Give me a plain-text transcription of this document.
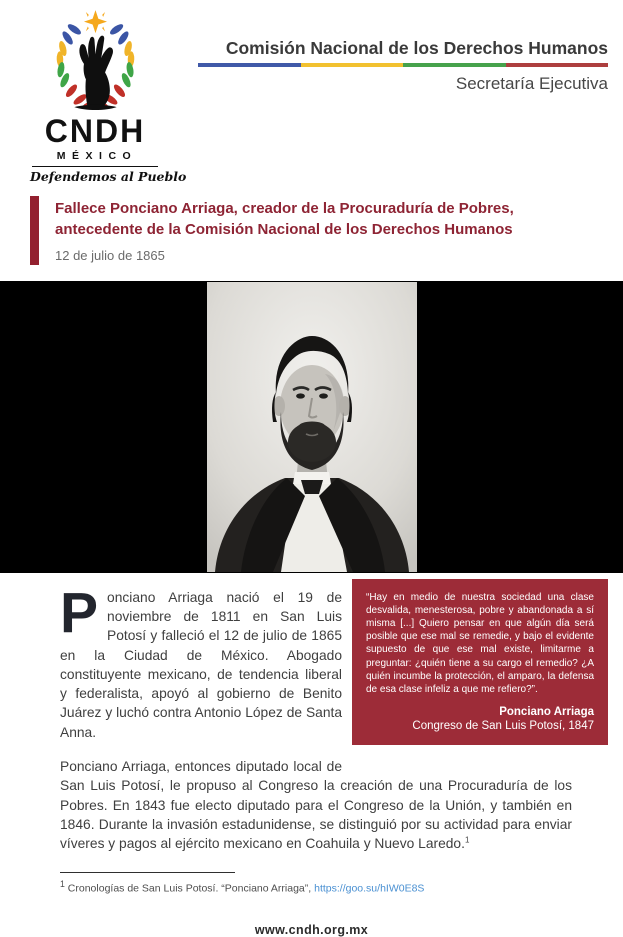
CNDH
MÉXICO
Defendemos al Pueblo
Comisión Nacional de los Derechos Humanos
Secretaría Ejecutiva
Fallece Ponciano Arriaga, creador de la Procuraduría de Pobres,
antecedente de la Comisión Nacional de los Derechos Humanos
12 de julio de 1865
“Hay en medio de nuestra sociedad una clase desvalida, menesterosa, pobre y abandonada a sí misma [...] Quiero pensar en que algún día será posible que ese mal se remedie, y bajo el evidente supuesto de que ese mal existe, limitarme a preguntar: ¿quién tiene a su cargo el remedio? ¿A quién incumbe la protección, el amparo, la defensa de esa clase infeliz a que me refiero?”.
Ponciano Arriaga
Congreso de San Luis Potosí, 1847

Ponciano Arriaga nació el 19 de noviembre de 1811 en San Luis Potosí y falleció el 12 de julio de 1865 en la Ciudad de México. Abogado constituyente mexicano, de tendencia liberal y federalista, apoyó al gobierno de Benito Juárez y luchó contra Antonio López de Santa Anna.

Ponciano Arriaga, entonces diputado local de San Luis Potosí, le propuso al Congreso la creación de una Procuraduría de los Pobres. En 1843 fue electo diputado para el Congreso de la Unión, y también en 1846. Durante la invasión estadunidense, se distinguió por su actividad para enviar víveres y pagos al ejército mexicano en Coahuila y Nuevo Laredo.$^1$

$^1$ Cronologías de San Luis Potosí. “Ponciano Arriaga”, https://goo.su/hIW0E8S
www.cndh.org.mx
